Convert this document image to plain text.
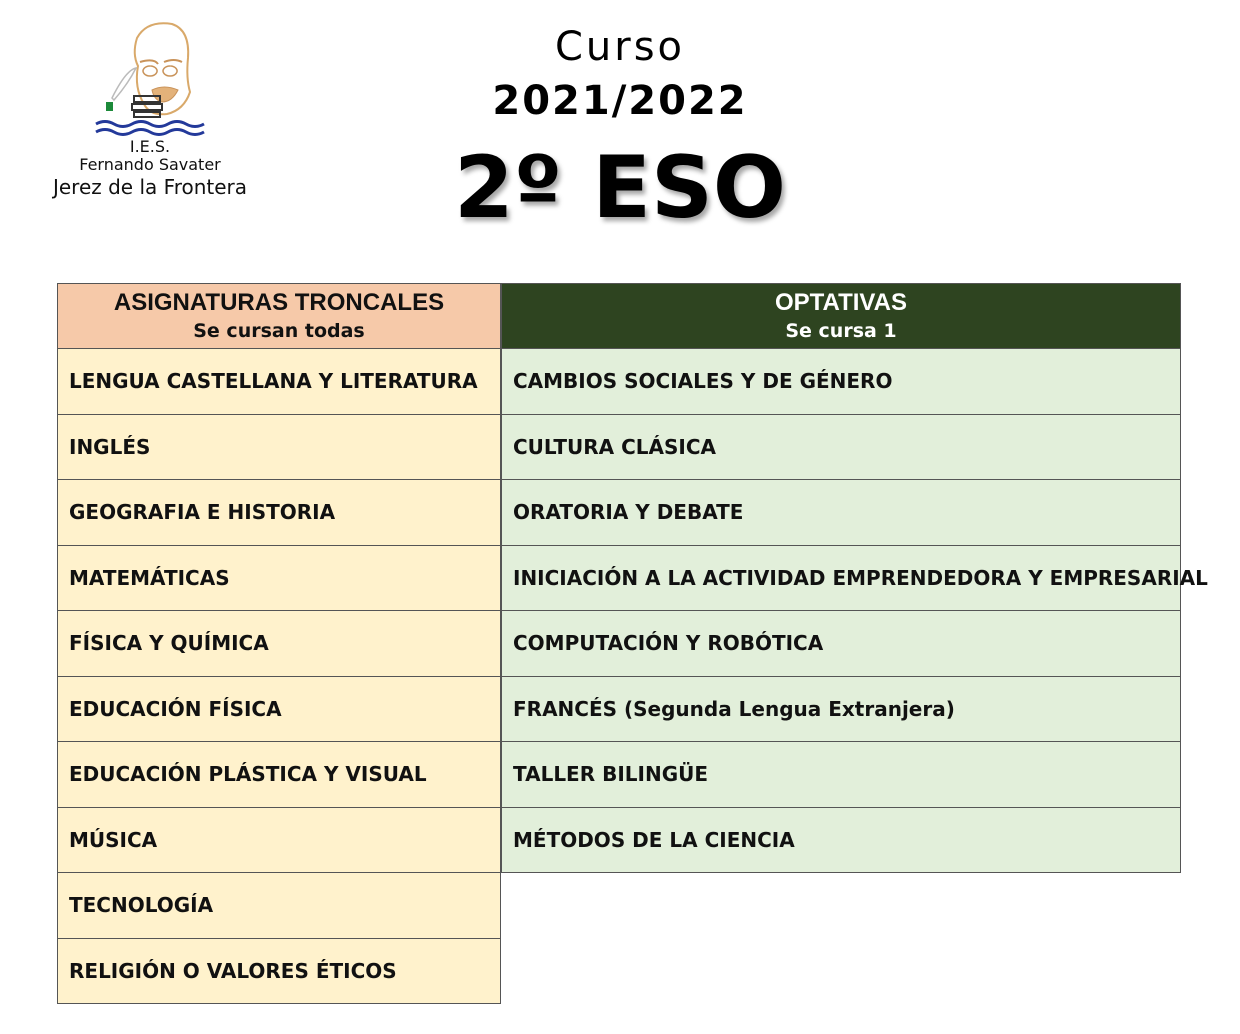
I.E.S.
Fernando Savater
Jerez de la Frontera
Curso
2021/2022
2º ESO
ASIGNATURAS TRONCALES
Se cursan todas
LENGUA CASTELLANA Y LITERATURA
INGLÉS
GEOGRAFIA E HISTORIA
MATEMÁTICAS
FÍSICA Y QUÍMICA
EDUCACIÓN FÍSICA
EDUCACIÓN PLÁSTICA Y VISUAL
MÚSICA
TECNOLOGÍA
RELIGIÓN O VALORES ÉTICOS
OPTATIVAS
Se cursa 1
CAMBIOS SOCIALES Y DE GÉNERO
CULTURA CLÁSICA
ORATORIA Y DEBATE
INICIACIÓN A LA ACTIVIDAD EMPRENDEDORA Y EMPRESARIAL
COMPUTACIÓN Y ROBÓTICA
FRANCÉS (Segunda Lengua Extranjera)
TALLER BILINGÜE
MÉTODOS DE LA CIENCIA
